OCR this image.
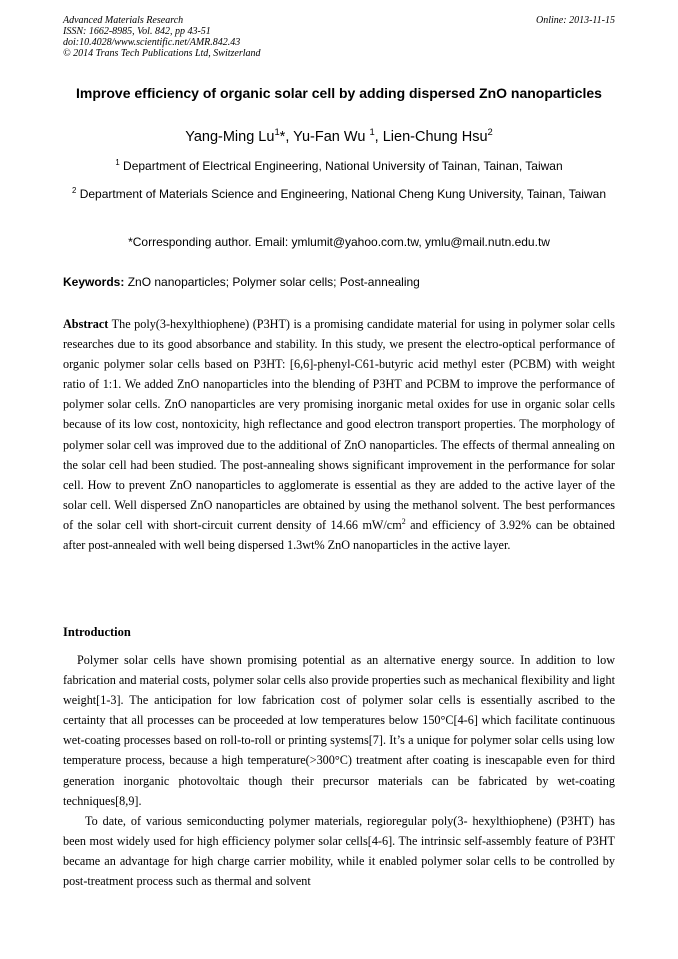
Advanced Materials Research
ISSN: 1662-8985, Vol. 842, pp 43-51
doi:10.4028/www.scientific.net/AMR.842.43
© 2014 Trans Tech Publications Ltd, Switzerland
Online: 2013-11-15
Improve efficiency of organic solar cell by adding dispersed ZnO nanoparticles
Yang-Ming Lu$^1$*, Yu-Fan Wu $^1$, Lien-Chung Hsu$^2$
$^1$ Department of Electrical Engineering, National University of Tainan, Tainan, Taiwan
$^2$ Department of Materials Science and Engineering, National Cheng Kung University, Tainan, Taiwan
*Corresponding author. Email: ymlumit@yahoo.com.tw, ymlu@mail.nutn.edu.tw
Keywords: ZnO nanoparticles; Polymer solar cells; Post-annealing
Abstract The poly(3-hexylthiophene) (P3HT) is a promising candidate material for using in polymer solar cells researches due to its good absorbance and stability. In this study, we present the electro-optical performance of organic polymer solar cells based on P3HT: [6,6]-phenyl-C61-butyric acid methyl ester (PCBM) with weight ratio of 1:1. We added ZnO nanoparticles into the blending of P3HT and PCBM to improve the performance of polymer solar cells. ZnO nanoparticles are very promising inorganic metal oxides for use in organic solar cells because of its low cost, nontoxicity, high reflectance and good electron transport properties. The morphology of polymer solar cell was improved due to the additional of ZnO nanoparticles. The effects of thermal annealing on the solar cell had been studied. The post-annealing shows significant improvement in the performance for solar cell. How to prevent ZnO nanoparticles to agglomerate is essential as they are added to the active layer of the solar cell. Well dispersed ZnO nanoparticles are obtained by using the methanol solvent. The best performances of the solar cell with short-circuit current density of 14.66 $mW/cm^2$ and efficiency of 3.92% can be obtained after post-annealed with well being dispersed 1.3wt% ZnO nanoparticles in the active layer.
Introduction

Polymer solar cells have shown promising potential as an alternative energy source. In addition to low fabrication and material costs, polymer solar cells also provide properties such as mechanical flexibility and light weight[1-3]. The anticipation for low fabrication cost of polymer solar cells is essentially ascribed to the certainty that all processes can be proceeded at low temperatures below 150°C[4-6] which facilitate continuous wet-coating processes based on roll-to-roll or printing systems[7]. It’s a unique for polymer solar cells using low temperature process, because a high temperature(>300°C) treatment after coating is inescapable even for third generation inorganic photovoltaic though their precursor materials can be fabricated by wet-coating techniques[8,9].

To date, of various semiconducting polymer materials, regioregular poly(3- hexylthiophene) (P3HT) has been most widely used for high efficiency polymer solar cells[4-6]. The intrinsic self-assembly feature of P3HT became an advantage for high charge carrier mobility, while it enabled polymer solar cells to be controlled by post-treatment process such as thermal and solvent
